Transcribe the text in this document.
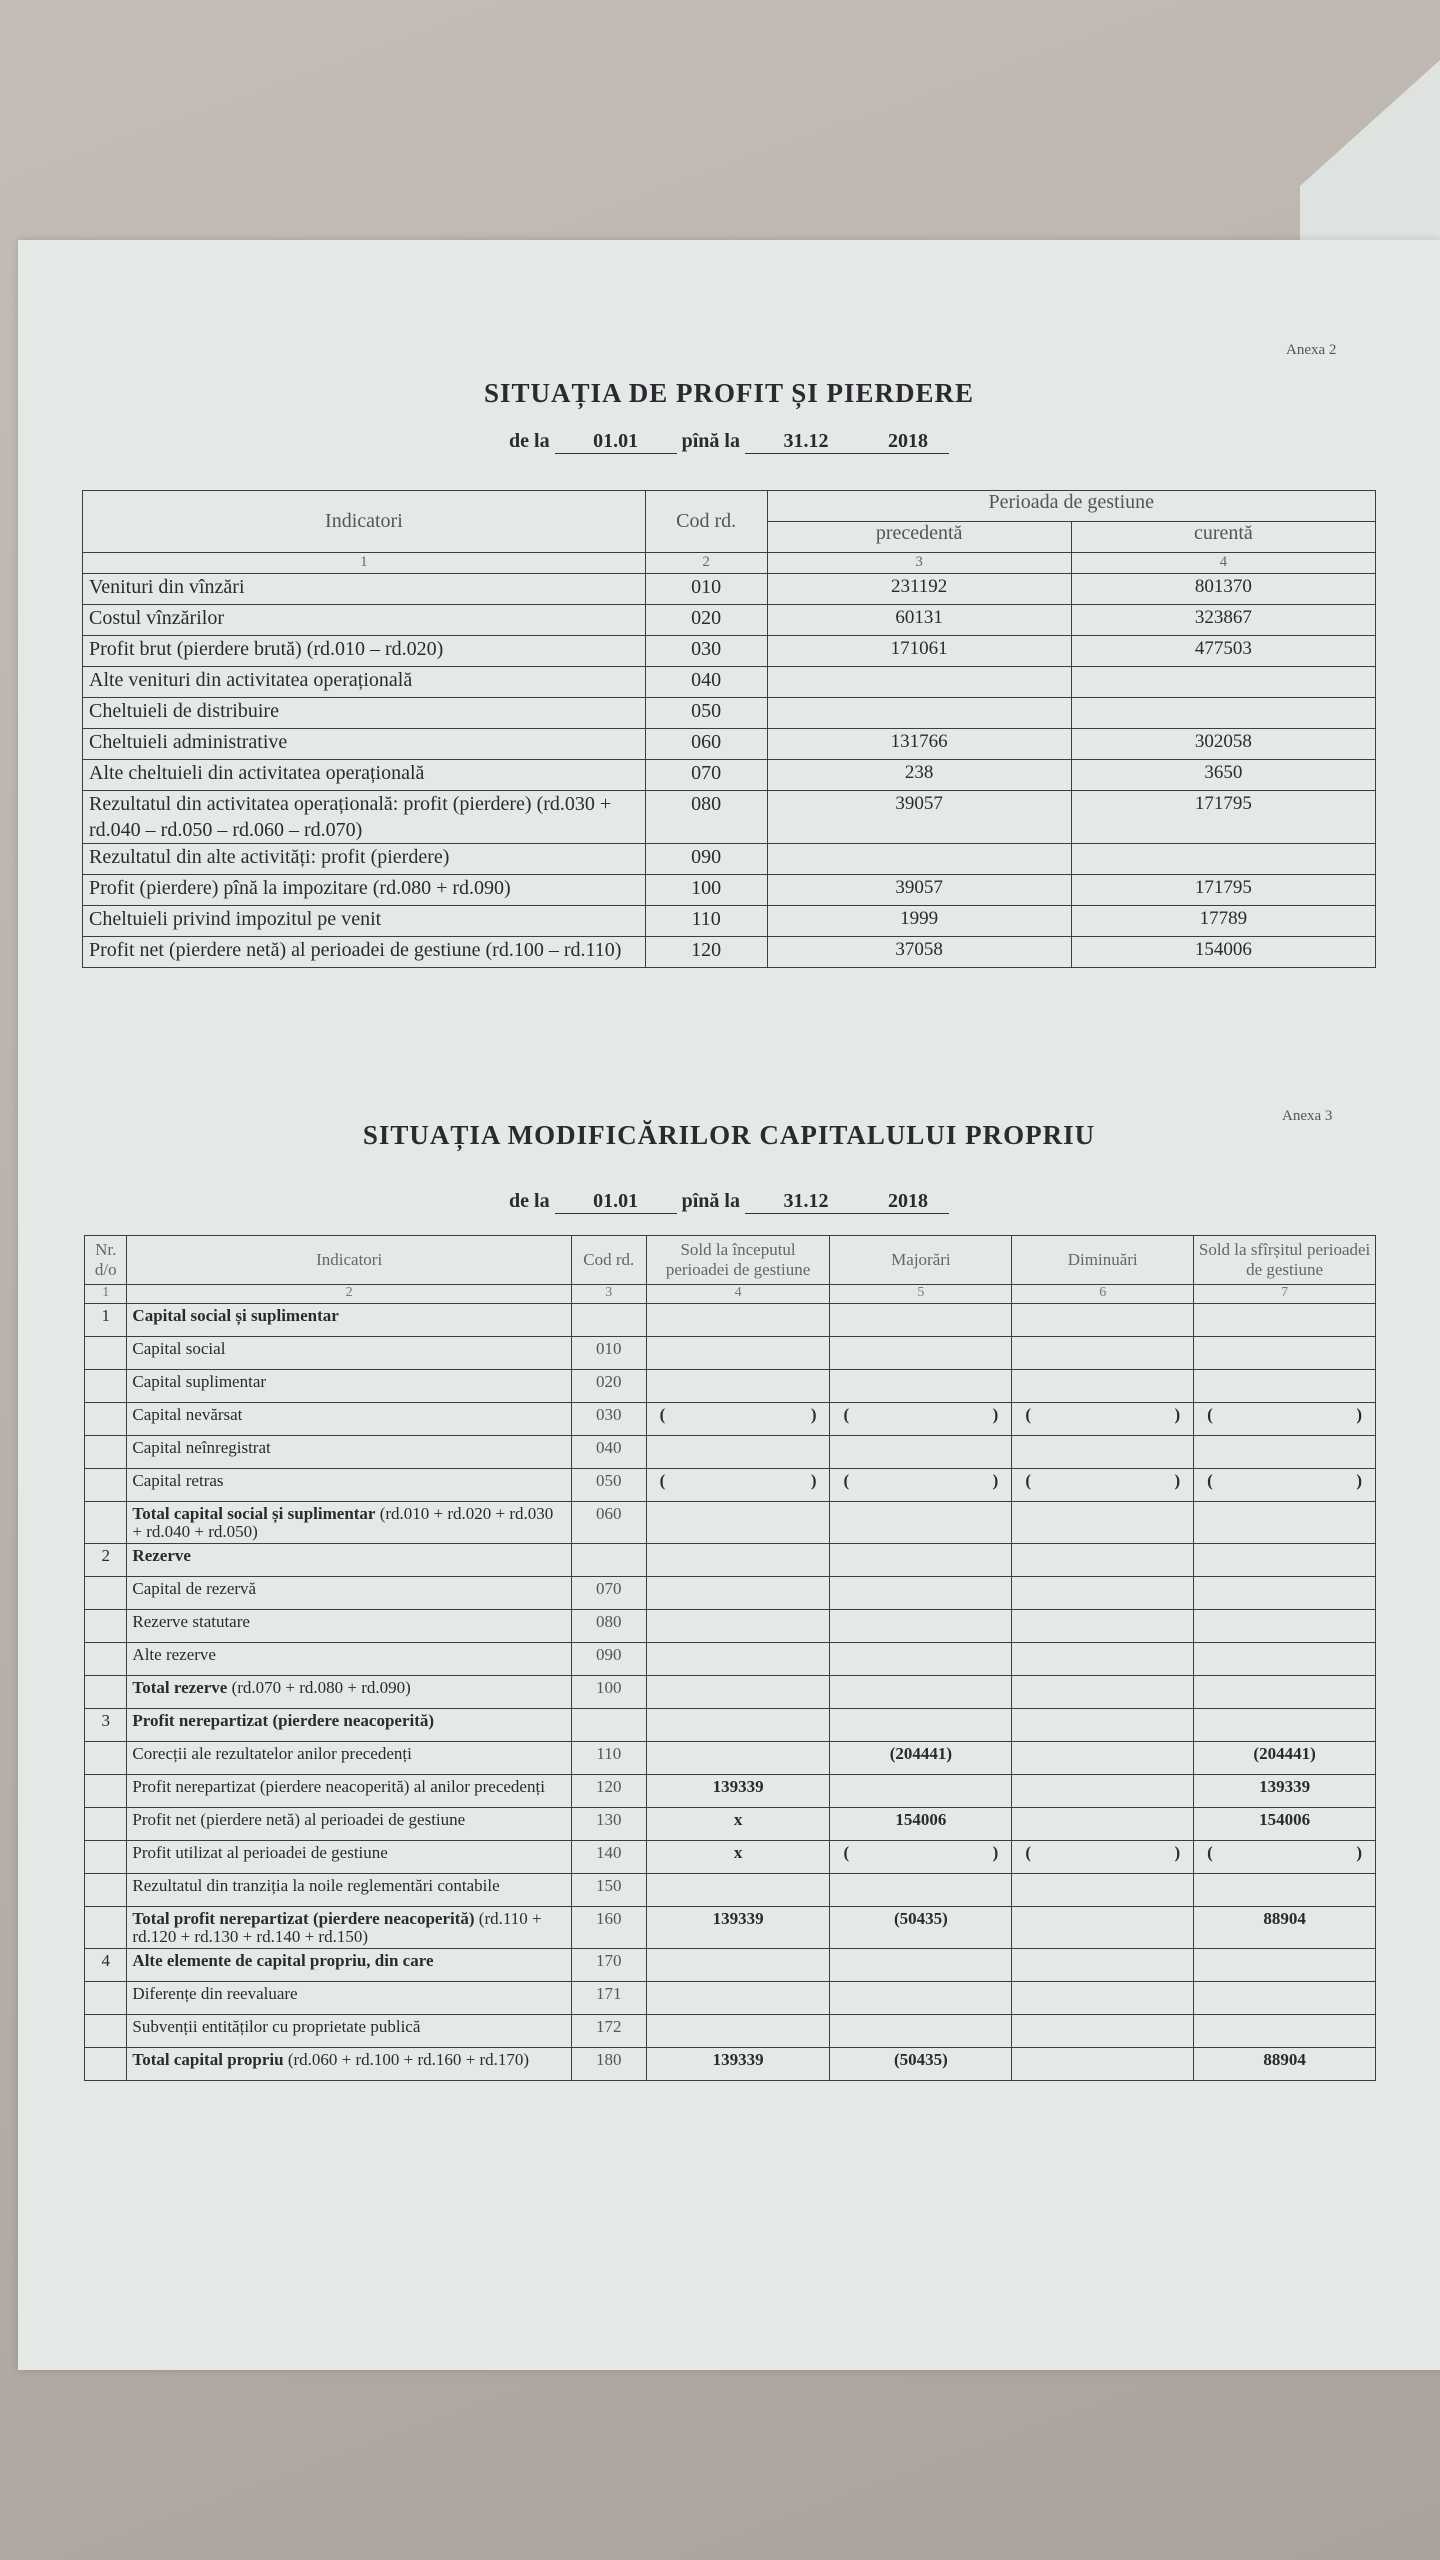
Anexa 2
SITUAȚIA DE PROFIT ȘI PIERDERE
de la 01.01 pînă la 31.12	2018
Indicatori	Cod rd.	Perioada de gestiune	
		precedentă	curentă
1	2	3	4
Venituri din vînzări	010	231192	801370
Costul vînzărilor	020	60131	323867
Profit brut (pierdere brută) (rd.010 – rd.020)	030	171061	477503
Alte venituri din activitatea operațională	040		
Cheltuieli de distribuire	050		
Cheltuieli administrative	060	131766	302058
Alte cheltuieli din activitatea operațională	070	238	3650
Rezultatul din activitatea operațională: profit (pierdere) (rd.030 + rd.040 – rd.050 – rd.060 – rd.070)	080	39057	171795
Rezultatul din alte activități: profit (pierdere)	090		
Profit (pierdere) pînă la impozitare (rd.080 + rd.090)	100	39057	171795
Cheltuieli privind impozitul pe venit	110	1999	17789
Profit net (pierdere netă) al perioadei de gestiune (rd.100 – rd.110)	120	37058	154006
Anexa 3
SITUAȚIA MODIFICĂRILOR CAPITALULUI PROPRIU
de la 01.01 pînă la 31.12	2018
Nr. d/o	Indicatori	Cod rd.	Sold la începutul perioadei de gestiune	Majorări	Diminuări	Sold la sfîrșitul perioadei de gestiune
1	2	3	4	5	6	7
1	Capital social și suplimentar					
	Capital social	010				
	Capital suplimentar	020				
	Capital nevărsat	030	( )	( )	( )	( )

	Capital neînregistrat	040				
	Capital retras	050	( )	( )	( )	( )

	Total capital social și suplimentar (rd.010 + rd.020 + rd.030 + rd.040 + rd.050)	060				
2	Rezerve					
	Capital de rezervă	070				
	Rezerve statutare	080				
	Alte rezerve	090				
	Total rezerve (rd.070 + rd.080 + rd.090)	100				
3	Profit nerepartizat (pierdere neacoperită)					
	Corecții ale rezultatelor anilor precedenți	110		(204441)		(204441)
	Profit nerepartizat (pierdere neacoperită) al anilor precedenți	120	139339			139339
	Profit net (pierdere netă) al perioadei de gestiune	130	x	154006		154006
	Profit utilizat al perioadei de gestiune	140	x	( )	( )	( )

	Rezultatul din tranziția la noile reglementări contabile	150				
	Total profit nerepartizat (pierdere neacoperită) (rd.110 + rd.120 + rd.130 + rd.140 + rd.150)	160	139339	(50435)		88904
4	Alte elemente de capital propriu, din care	170				
	Diferențe din reevaluare	171				
	Subvenții entităților cu proprietate publică	172				
	Total capital propriu (rd.060 + rd.100 + rd.160 + rd.170)	180	139339	(50435)		88904
